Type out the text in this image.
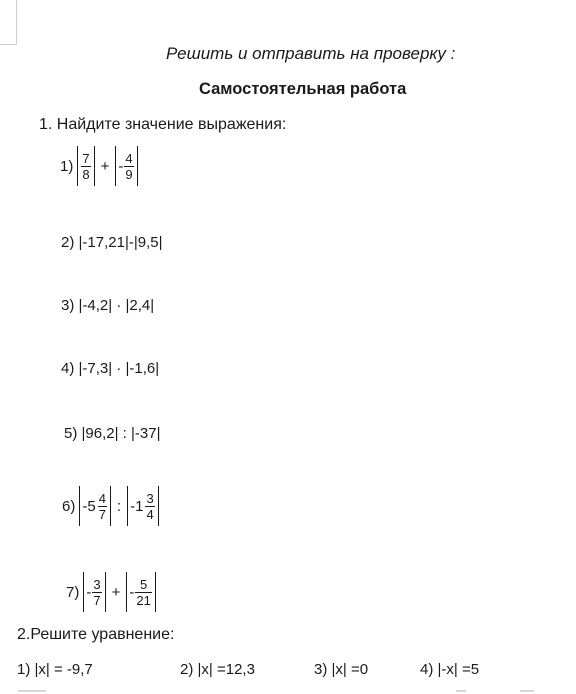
Решить и отправить на проверку :
Самостоятельная работа
1. Найдите значение выражения:
$1) \frac{7}{8}$ + - $\frac{4}{9}$
2) |-17,21|-|9,5|
3) |-4,2| · |2,4|
4) |-7,3| · |-1,6|
5) |96,2| : |-37|
$6) - 5 \frac{4}{7}$ : - $1 \frac{3}{4}$
$7) - \frac{3}{7}$ + - $\frac{5}{21}$
2.Решите уравнение:
1) |x| = -9,7	2) |x| =12,3	3) |x| =0	4) |-x| =5
